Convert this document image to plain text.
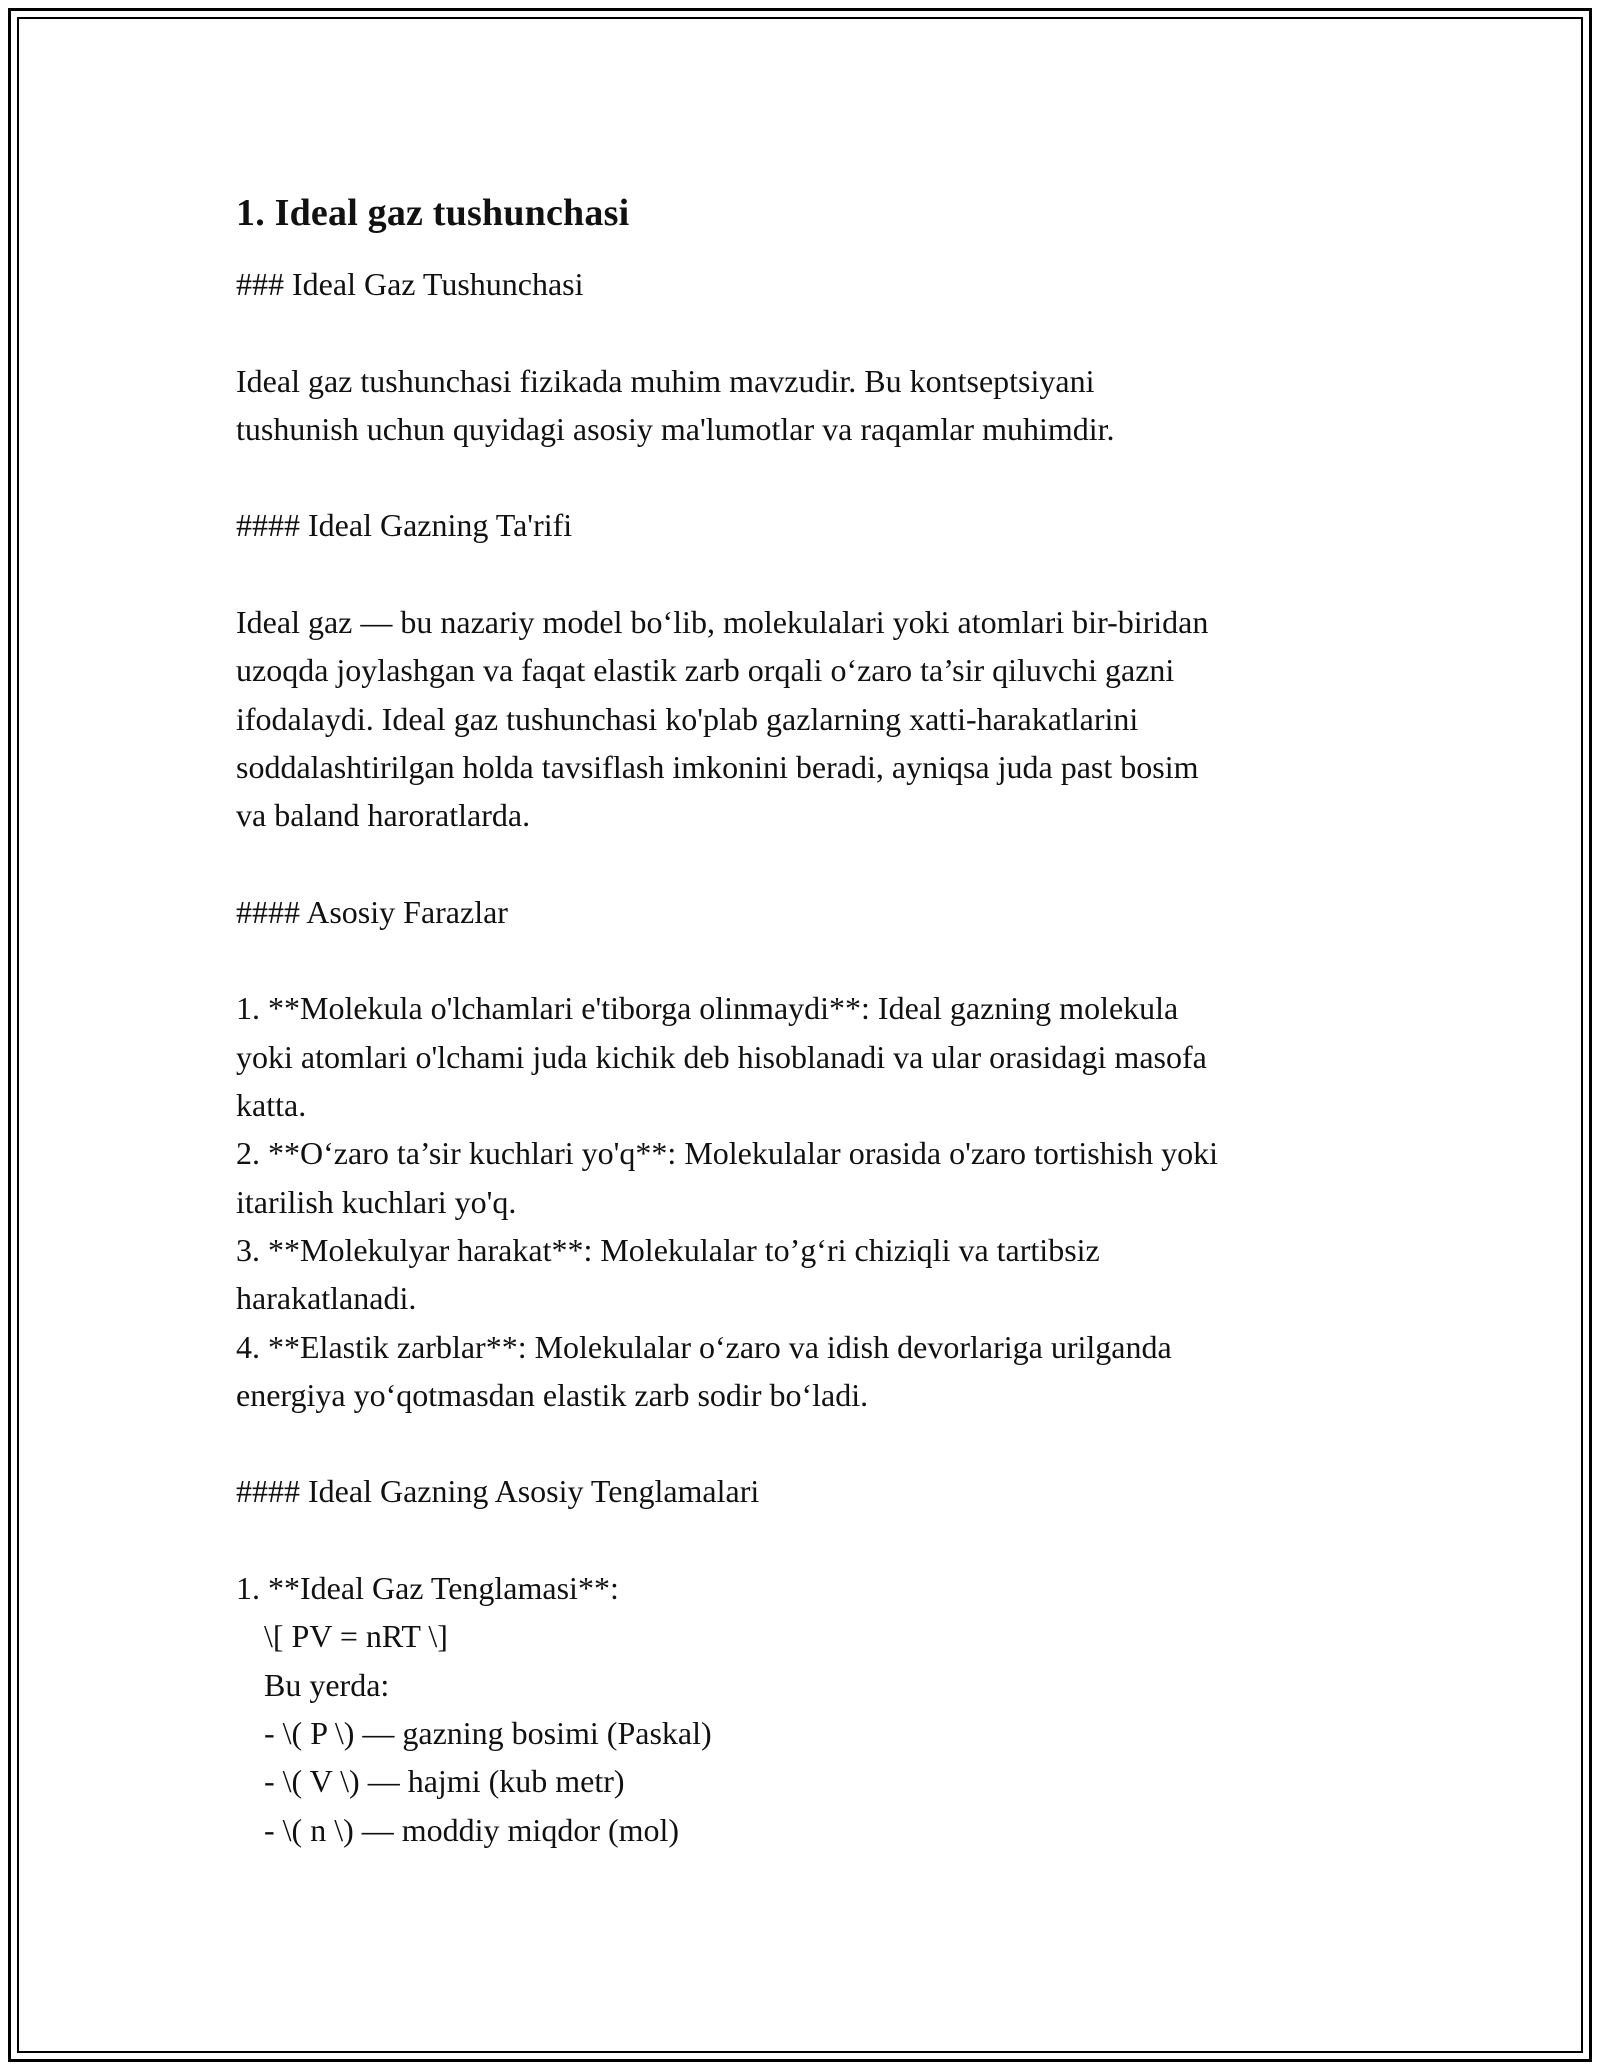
1. Ideal gaz tushunchasi
### Ideal Gaz Tushunchasi
Ideal gaz tushunchasi fizikada muhim mavzudir. Bu kontseptsiyani
tushunish uchun quyidagi asosiy ma'lumotlar va raqamlar muhimdir.
#### Ideal Gazning Ta'rifi
Ideal gaz — bu nazariy model bo‘lib, molekulalari yoki atomlari bir-biridan
uzoqda joylashgan va faqat elastik zarb orqali o‘zaro ta’sir qiluvchi gazni
ifodalaydi. Ideal gaz tushunchasi ko'plab gazlarning xatti-harakatlarini
soddalashtirilgan holda tavsiflash imkonini beradi, ayniqsa juda past bosim
va baland haroratlarda.
#### Asosiy Farazlar
1. **Molekula o'lchamlari e'tiborga olinmaydi**: Ideal gazning molekula
yoki atomlari o'lchami juda kichik deb hisoblanadi va ular orasidagi masofa
katta.
2. **O‘zaro ta’sir kuchlari yo'q**: Molekulalar orasida o'zaro tortishish yoki
itarilish kuchlari yo'q.
3. **Molekulyar harakat**: Molekulalar to’g‘ri chiziqli va tartibsiz
harakatlanadi.
4. **Elastik zarblar**: Molekulalar o‘zaro va idish devorlariga urilganda
energiya yo‘qotmasdan elastik zarb sodir bo‘ladi.
#### Ideal Gazning Asosiy Tenglamalari
1. **Ideal Gaz Tenglamasi**:
\[ PV = nRT \]
Bu yerda:
- \( P \) — gazning bosimi (Paskal)
- \( V \) — hajmi (kub metr)
- \( n \) — moddiy miqdor (mol)
